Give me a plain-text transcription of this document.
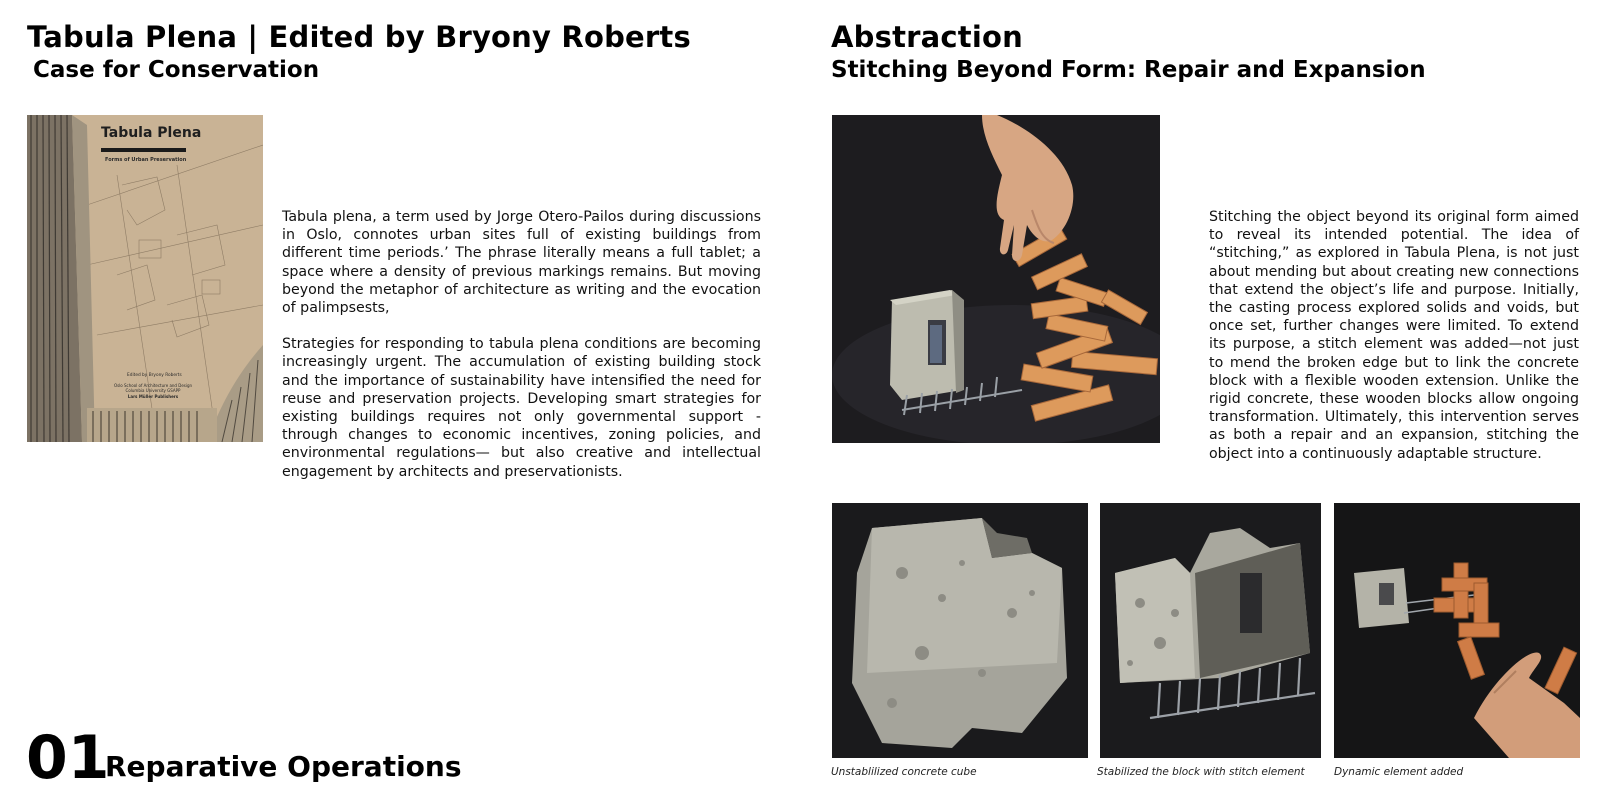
Tabula Plena | Edited by Bryony Roberts
Case for Conservation
Tabula Plena
Forms of Urban Preservation
Edited by Bryony Roberts
Oslo School of Architecture and Design
Columbia University GSAPP
Lars Müller Publishers

Tabula plena, a term used by Jorge Otero-Pailos during discussions in Oslo, connotes urban sites full of existing buildings from different time periods.’ The phrase literally means a full tablet; a space where a density of previous markings remains. But moving beyond the metaphor of architecture as writing and the evocation of palimpsests,

Strategies for responding to tabula plena conditions are becoming increasingly urgent. The accumulation of existing building stock and the importance of sustainability have intensified the need for reuse and preservation projects. Developing smart strategies for existing buildings requires not only governmental support - through changes to economic incentives, zoning policies, and environmental regulations— but also creative and intellectual engagement by architects and preservationists.

01
Reparative Operations
Abstraction
Stitching Beyond Form: Repair and Expansion

Stitching the object beyond its original form aimed to reveal its intended potential. The idea of “stitching,” as explored in Tabula Plena, is not just about mending but about creating new connections that extend the object’s life and purpose. Initially, the casting process explored solids and voids, but once set, further changes were limited. To extend its purpose, a stitch element was added—not just to mend the broken edge but to link the concrete block with a flexible wooden extension. Unlike the rigid concrete, these wooden blocks allow ongoing transformation. Ultimately, this intervention serves as both a repair and an expansion, stitching the object into a continuously adaptable structure.

Unstablilized concrete cube	Stabilized the block with stitch element	Dynamic element added
